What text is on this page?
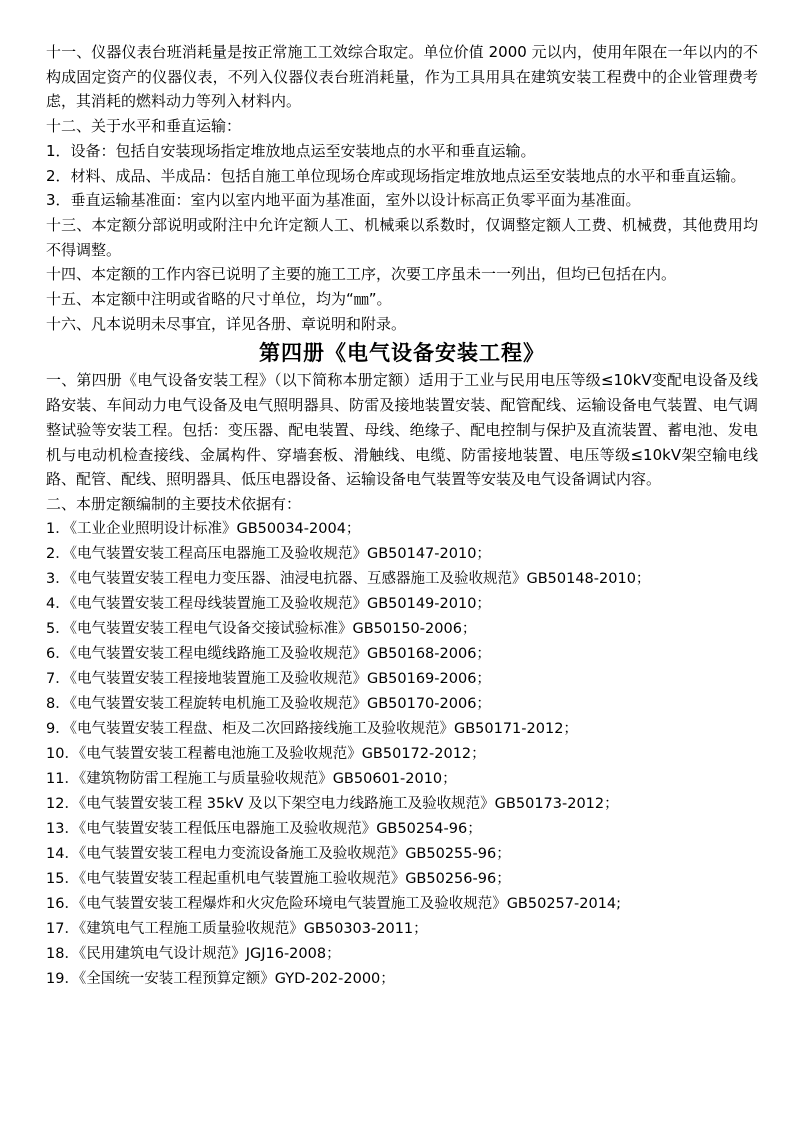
十一、仪器仪表台班消耗量是按正常施工工效综合取定。单位价值 2000 元以内，使用年限在一年以内的不构成固定资产的仪器仪表，不列入仪器仪表台班消耗量，作为工具用具在建筑安装工程费中的企业管理费考虑，其消耗的燃料动力等列入材料内。

十二、关于水平和垂直运输：

1．设备：包括自安装现场指定堆放地点运至安装地点的水平和垂直运输。

2．材料、成品、半成品：包括自施工单位现场仓库或现场指定堆放地点运至安装地点的水平和垂直运输。

3．垂直运输基准面：室内以室内地平面为基准面，室外以设计标高正负零平面为基准面。

十三、本定额分部说明或附注中允许定额人工、机械乘以系数时，仅调整定额人工费、机械费，其他费用均不得调整。

十四、本定额的工作内容已说明了主要的施工工序，次要工序虽未一一列出，但均已包括在内。

十五、本定额中注明或省略的尺寸单位，均为“㎜”。

十六、凡本说明未尽事宜，详见各册、章说明和附录。

第四册《电气设备安装工程》

一、第四册《电气设备安装工程》（以下简称本册定额）适用于工业与民用电压等级≤10kV变配电设备及线路安装、车间动力电气设备及电气照明器具、防雷及接地装置安装、配管配线、运输设备电气装置、电气调整试验等安装工程。包括：变压器、配电装置、母线、绝缘子、配电控制与保护及直流装置、蓄电池、发电机与电动机检查接线、金属构件、穿墙套板、滑触线、电缆、防雷接地装置、电压等级≤10kV架空输电线路、配管、配线、照明器具、低压电器设备、运输设备电气装置等安装及电气设备调试内容。

二、本册定额编制的主要技术依据有：

1．《工业企业照明设计标准》GB50034-2004；

2．《电气装置安装工程高压电器施工及验收规范》GB50147-2010；

3．《电气装置安装工程电力变压器、油浸电抗器、互感器施工及验收规范》GB50148-2010；

4．《电气装置安装工程母线装置施工及验收规范》GB50149-2010；

5．《电气装置安装工程电气设备交接试验标准》GB50150-2006；

6．《电气装置安装工程电缆线路施工及验收规范》GB50168-2006；

7．《电气装置安装工程接地装置施工及验收规范》GB50169-2006；

8．《电气装置安装工程旋转电机施工及验收规范》GB50170-2006；

9．《电气装置安装工程盘、柜及二次回路接线施工及验收规范》GB50171-2012；

10．《电气装置安装工程蓄电池施工及验收规范》GB50172-2012；

11．《建筑物防雷工程施工与质量验收规范》GB50601-2010；

12．《电气装置安装工程 35kV 及以下架空电力线路施工及验收规范》GB50173-2012；

13．《电气装置安装工程低压电器施工及验收规范》GB50254-96；

14．《电气装置安装工程电力变流设备施工及验收规范》GB50255-96；

15．《电气装置安装工程起重机电气装置施工验收规范》GB50256-96；

16．《电气装置安装工程爆炸和火灾危险环境电气装置施工及验收规范》GB50257-2014;

17．《建筑电气工程施工质量验收规范》GB50303-2011；

18．《民用建筑电气设计规范》JGJ16-2008；

19．《全国统一安装工程预算定额》GYD-202-2000；
